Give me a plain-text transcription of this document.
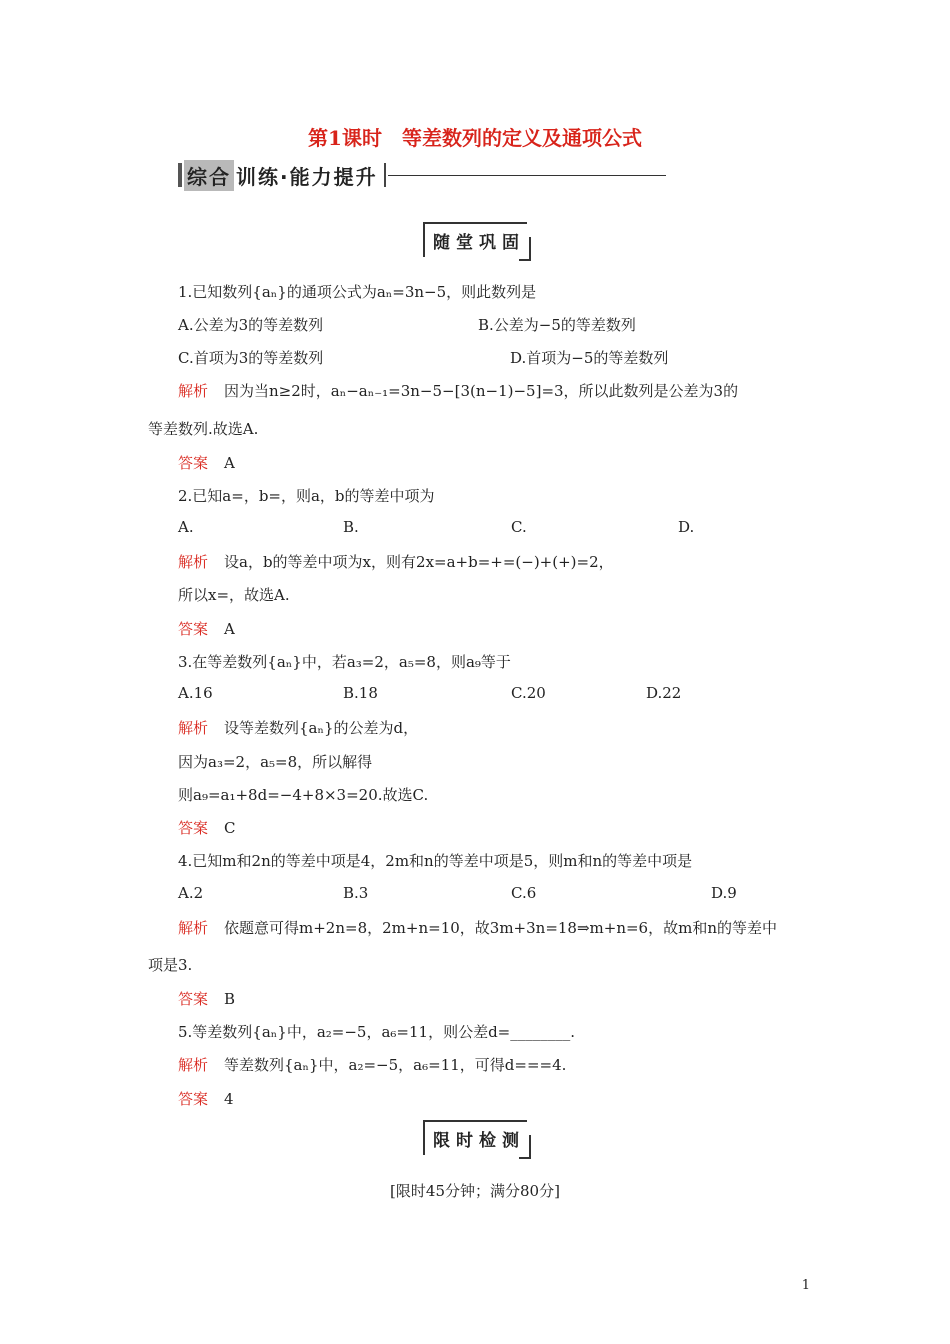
第1课时　等差数列的定义及通项公式
综合 训练·能力提升
随堂巩固
1.已知数列{aₙ}的通项公式为aₙ=3n−5，则此数列是
A.公差为3的等差数列	B.公差为−5的等差数列
C.首项为3的等差数列	D.首项为−5的等差数列
解析 因为当n≥2时，aₙ−aₙ₋₁=3n−5−[3(n−1)−5]=3，所以此数列是公差为3的
等差数列.故选A.
答案 A
2.已知a=，b=，则a，b的等差中项为
A.	B.	C.	D.
解析 设a，b的等差中项为x，则有2x=a+b=+=(−)+(+)=2，
所以x=，故选A.
答案 A
3.在等差数列{aₙ}中，若a₃=2，a₅=8，则a₉等于
A.16	B.18	C.20	D.22
解析 设等差数列{aₙ}的公差为d，
因为a₃=2，a₅=8，所以解得
则a₉=a₁+8d=−4+8×3=20.故选C.
答案 C
4.已知m和2n的等差中项是4，2m和n的等差中项是5，则m和n的等差中项是
A.2	B.3	C.6	D.9
解析 依题意可得m+2n=8，2m+n=10，故3m+3n=18⇒m+n=6，故m和n的等差中
项是3.
答案 B
5.等差数列{aₙ}中，a₂=−5，a₆=11，则公差d=________.
解析 等差数列{aₙ}中，a₂=−5，a₆=11，可得d===4.
答案 4
限时检测
[限时45分钟；满分80分]
1
